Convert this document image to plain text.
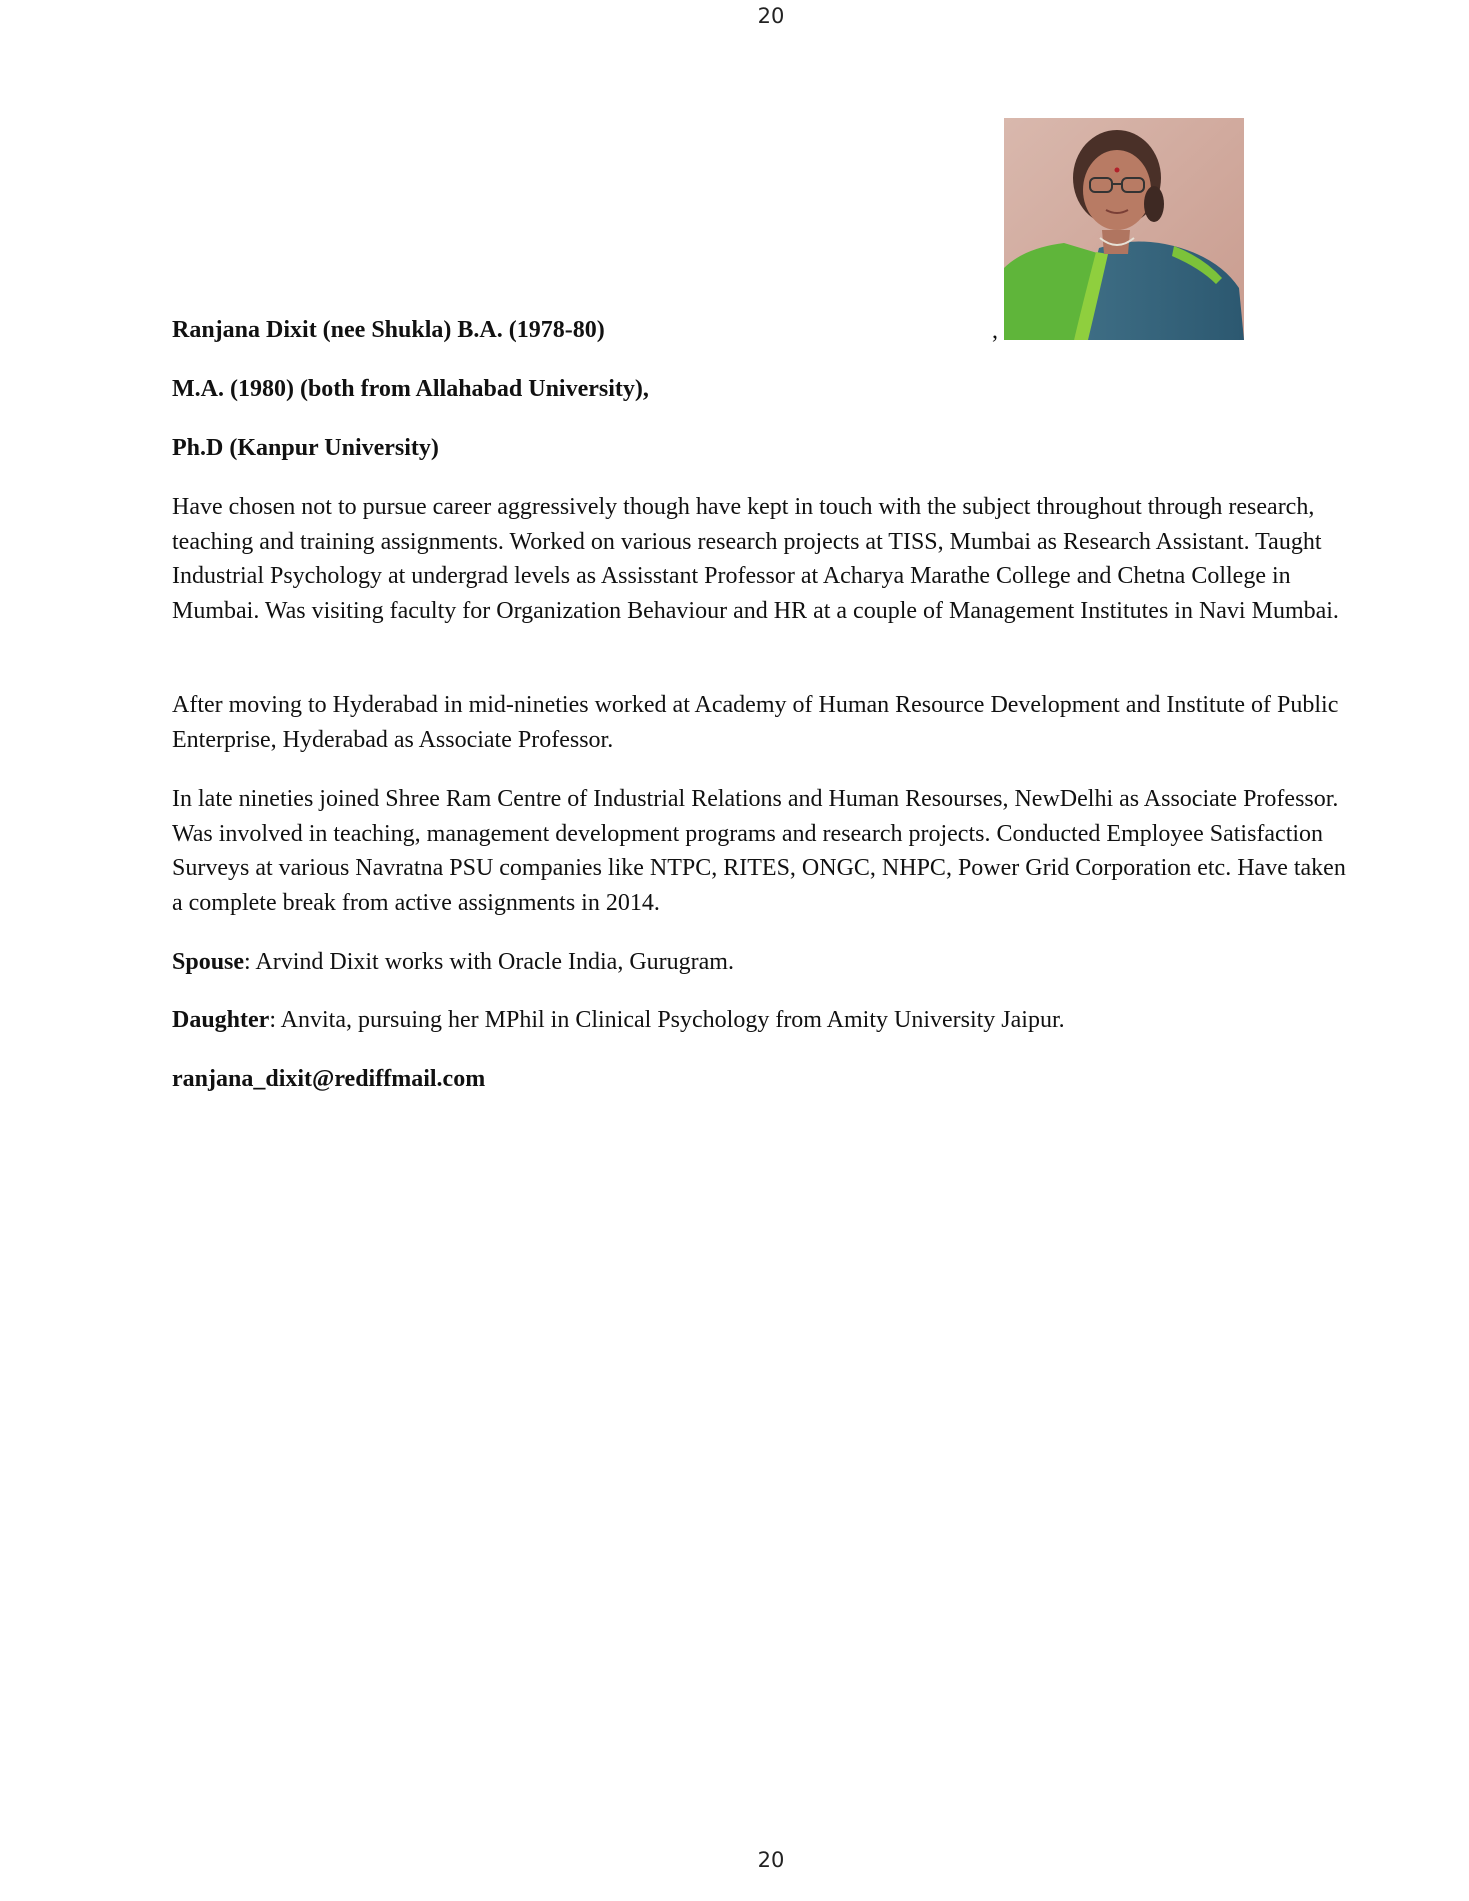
20
,
Ranjana Dixit (nee Shukla) B.A. (1978-80)
M.A. (1980) (both from Allahabad University),
Ph.D (Kanpur University)

Have chosen not to pursue career aggressively though have kept in touch with the subject throughout through research, teaching and training assignments. Worked on various research projects at TISS, Mumbai as Research Assistant. Taught Industrial Psychology at undergrad levels as Assisstant Professor at Acharya Marathe College and Chetna College in Mumbai. Was visiting faculty for Organization Behaviour and HR at a couple of Management Institutes in Navi Mumbai.

After moving to Hyderabad in mid-nineties worked at Academy of Human Resource Development and Institute of Public Enterprise, Hyderabad as Associate Professor.

In late nineties joined Shree Ram Centre of Industrial Relations and Human Resourses, NewDelhi as Associate Professor. Was involved in teaching, management development programs and research projects. Conducted Employee Satisfaction Surveys at various Navratna PSU companies like NTPC, RITES, ONGC, NHPC, Power Grid Corporation etc. Have taken a complete break from active assignments in 2014.

Spouse: Arvind Dixit works with Oracle India, Gurugram.
Daughter: Anvita, pursuing her MPhil in Clinical Psychology from Amity University Jaipur.
ranjana_dixit@rediffmail.com
20
